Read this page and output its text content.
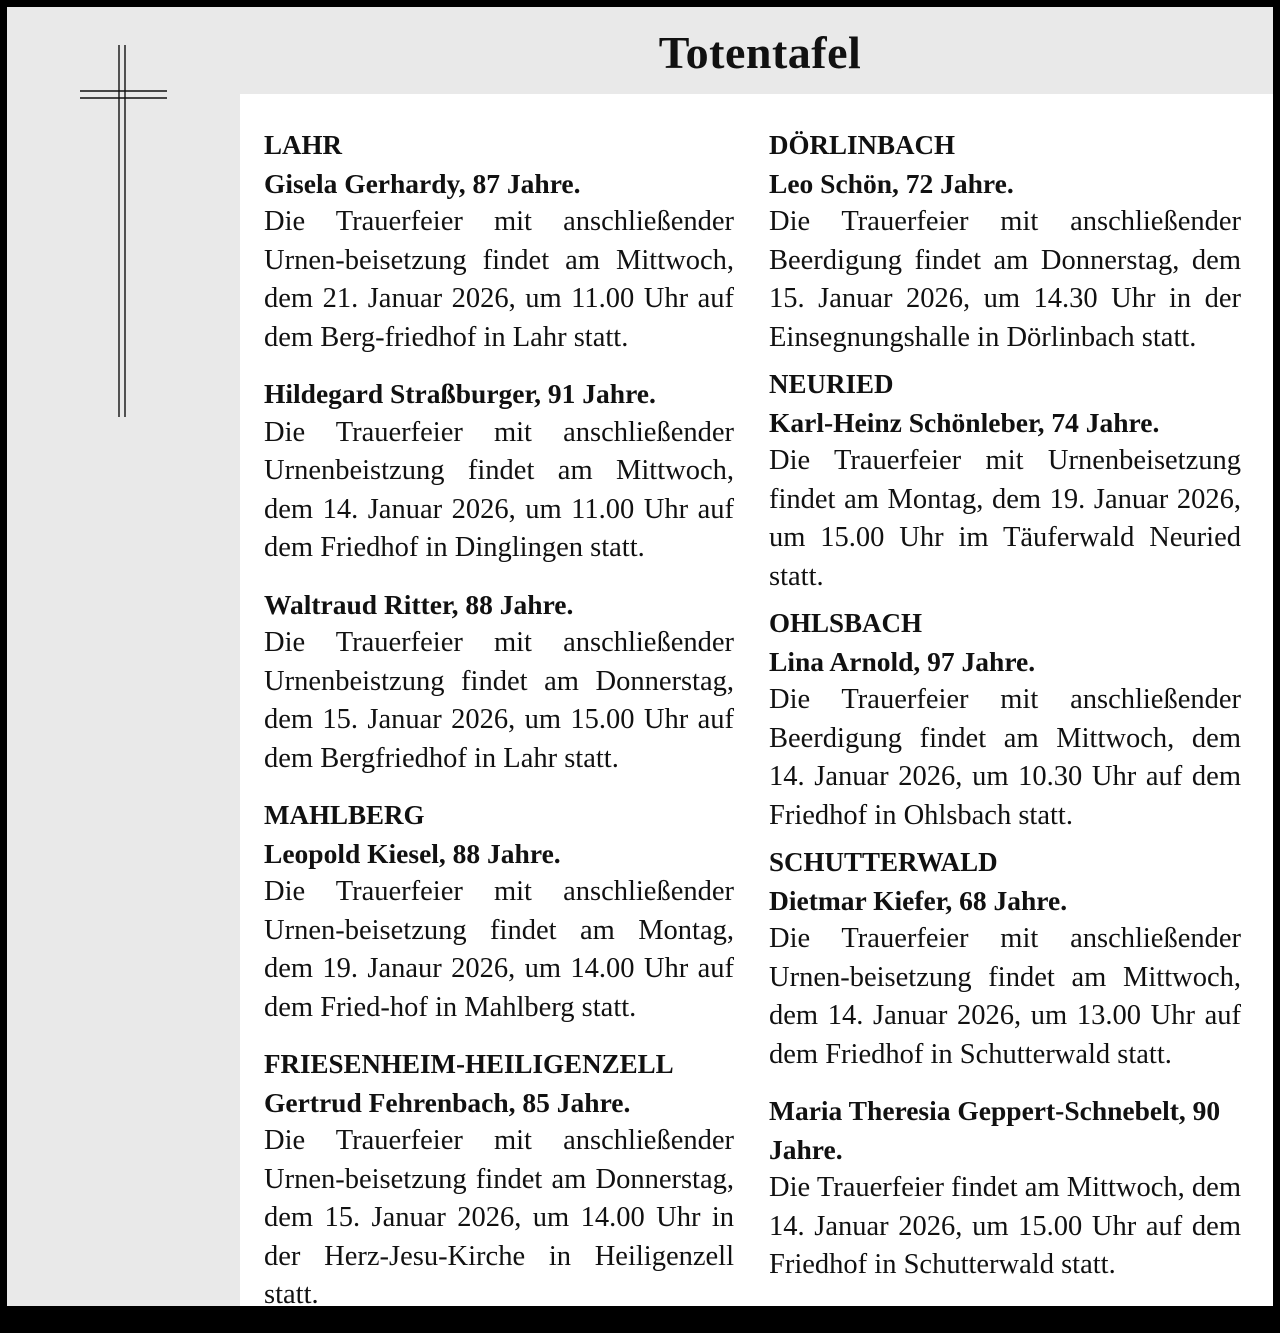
Totentafel
LAHR
Gisela Gerhardy, 87 Jahre.
Die Trauerfeier mit anschließender Urnen-beisetzung findet am Mittwoch, dem 21. Januar 2026, um 11.00 Uhr auf dem Berg-friedhof in Lahr statt.
Hildegard Straßburger, 91 Jahre.
Die Trauerfeier mit anschließender Urnenbeistzung findet am Mittwoch, dem 14. Januar 2026, um 11.00 Uhr auf dem Friedhof in Dinglingen statt.
Waltraud Ritter, 88 Jahre.
Die Trauerfeier mit anschließender Urnenbeistzung findet am Donnerstag, dem 15. Januar 2026, um 15.00 Uhr auf dem Bergfriedhof in Lahr statt.
MAHLBERG
Leopold Kiesel, 88 Jahre.
Die Trauerfeier mit anschließender Urnen-beisetzung findet am Montag, dem 19. Janaur 2026, um 14.00 Uhr auf dem Fried-hof in Mahlberg statt.
FRIESENHEIM-HEILIGENZELL
Gertrud Fehrenbach, 85 Jahre.
Die Trauerfeier mit anschließender Urnen-beisetzung findet am Donnerstag, dem 15. Januar 2026, um 14.00 Uhr in der Herz-Jesu-Kirche in Heiligenzell statt.
DÖRLINBACH
Leo Schön, 72 Jahre.
Die Trauerfeier mit anschließender Beerdigung findet am Donnerstag, dem 15. Januar 2026, um 14.30 Uhr in der Einsegnungshalle in Dörlinbach statt.
NEURIED
Karl-Heinz Schönleber, 74 Jahre.
Die Trauerfeier mit Urnenbeisetzung findet am Montag, dem 19. Januar 2026, um 15.00 Uhr im Täuferwald Neuried statt.
OHLSBACH
Lina Arnold, 97 Jahre.
Die Trauerfeier mit anschließender Beerdigung findet am Mittwoch, dem 14. Januar 2026, um 10.30 Uhr auf dem Friedhof in Ohlsbach statt.
SCHUTTERWALD
Dietmar Kiefer, 68 Jahre.
Die Trauerfeier mit anschließender Urnen-beisetzung findet am Mittwoch, dem 14. Januar 2026, um 13.00 Uhr auf dem Friedhof in Schutterwald statt.
Maria Theresia Geppert-Schnebelt, 90 Jahre.
Die Trauerfeier findet am Mittwoch, dem 14. Januar 2026, um 15.00 Uhr auf dem Friedhof in Schutterwald statt.
